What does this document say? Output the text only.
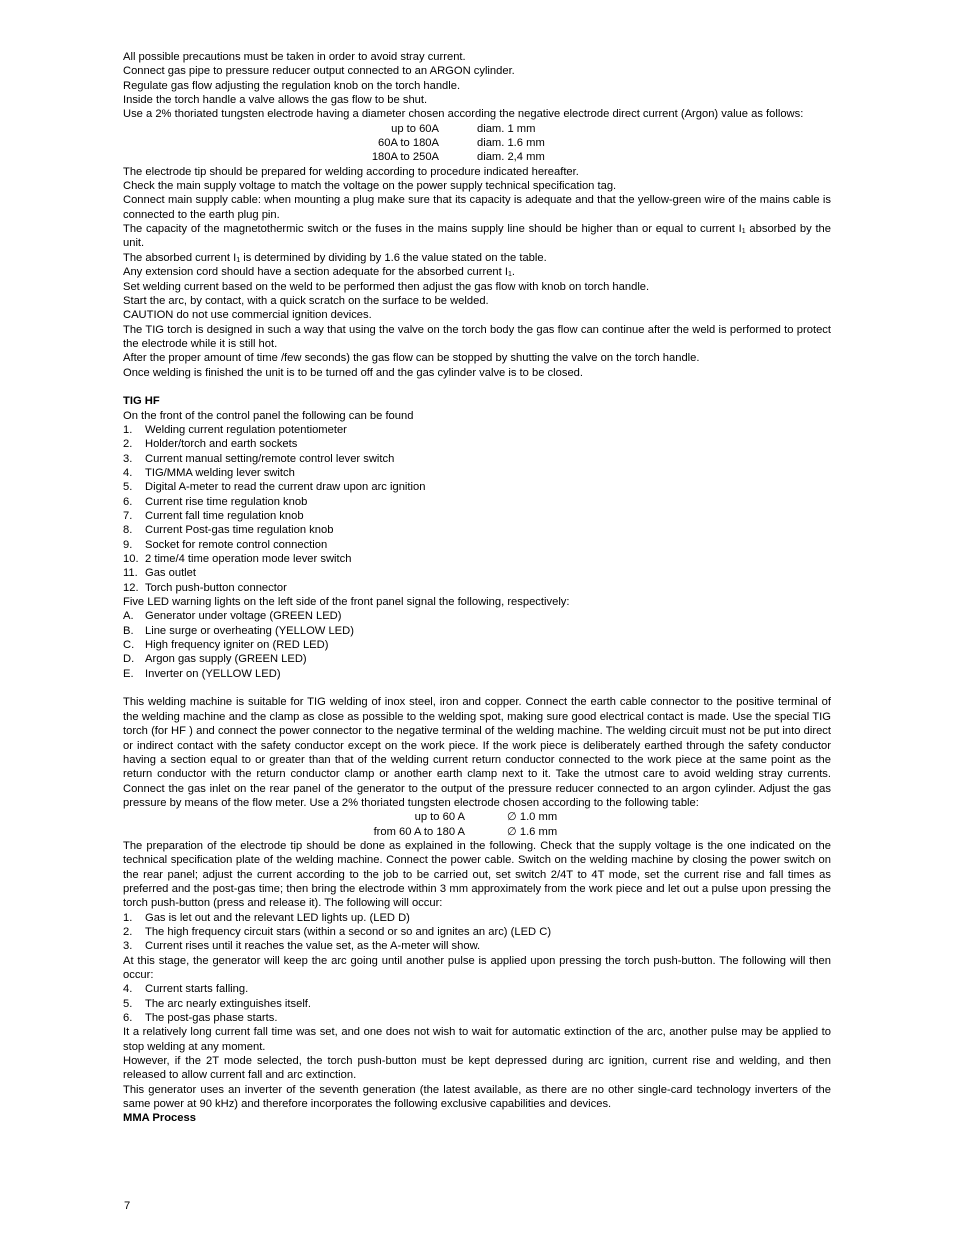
All possible precautions must be taken in order to avoid stray current.

Connect gas pipe to pressure reducer output connected to an ARGON cylinder.

Regulate gas flow adjusting the regulation knob on the torch handle.

Inside the torch handle a valve allows the gas flow to be shut.

Use a 2% thoriated tungsten electrode having a diameter chosen according the negative electrode direct current (Argon) value as follows:

up to 60A	diam. 1 mm
60A to 180A	diam. 1.6 mm
180A to 250A	diam. 2,4 mm

The electrode tip should be prepared for welding according to procedure indicated hereafter.

Check the main supply voltage to match the voltage on the power supply technical specification tag.

Connect main supply cable: when mounting a plug make sure that its capacity is adequate and that the yellow-green wire of the mains cable is connected to the earth plug pin.

The capacity of the magnetothermic switch or the fuses in the mains supply line should be higher than or equal to current $I_1$ absorbed by the unit.

The absorbed current $I_1$ is determined by dividing by 1.6 the value stated on the table.

Any extension cord should have a section adequate for the absorbed current $I_1$.

Set welding current based on the weld to be performed then adjust the gas flow with knob on torch handle.

Start the arc, by contact, with a quick scratch on the surface to be welded.

CAUTION do not use commercial ignition devices.

The TIG torch is designed in such a way that using the valve on the torch body the gas flow can continue after the weld is performed to protect the electrode while it is still hot.

After the proper amount of time /few seconds) the gas flow can be stopped by shutting the valve on the torch handle.

Once welding is finished the unit is to be turned off and the gas cylinder valve is to be closed.

TIG HF

On the front of the control panel the following can be found

1.	Welding current regulation potentiometer
2.	Holder/torch and earth sockets
3.	Current manual setting/remote control lever switch
4.	TIG/MMA welding lever switch
5.	Digital A-meter to read the current draw upon arc ignition
6.	Current rise time regulation knob
7.	Current fall time regulation knob
8.	Current Post-gas time regulation knob
9.	Socket for remote control connection
10. 2 time/4 time operation mode lever switch
11. Gas outlet
12. Torch push-button connector

Five LED warning lights on the left side of the front panel signal the following, respectively:

A.	Generator under voltage (GREEN LED)
B.	Line surge or overheating (YELLOW LED)
C. High frequency igniter on (RED LED)
D. Argon gas supply (GREEN LED)
E.	Inverter on (YELLOW LED)

This welding machine is suitable for TIG welding of inox steel, iron and copper. Connect the earth cable connector to the positive terminal of the welding machine and the clamp as close as possible to the welding spot, making sure good electrical contact is made. Use the special TIG torch (for HF ) and connect the power connector to the negative terminal of the welding machine. The welding circuit must not be put into direct or indirect contact with the safety conductor except on the work piece. If the work piece is deliberately earthed through the safety conductor having a section equal to or greater than that of the welding current return conductor connected to the work piece at the same point as the return conductor with the return conductor clamp or another earth clamp next to it. Take the utmost care to avoid welding stray currents. Connect the gas inlet on the rear panel of the generator to the output of the pressure reducer connected to an argon cylinder. Adjust the gas pressure by means of the flow meter. Use a 2% thoriated tungsten electrode chosen according to the following table:

up to 60 A	∅ 1.0 mm
from 60 A to 180 A	∅ 1.6 mm

The preparation of the electrode tip should be done as explained in the following. Check that the supply voltage is the one indicated on the technical specification plate of the welding machine. Connect the power cable. Switch on the welding machine by closing the power switch on the rear panel; adjust the current according to the job to be carried out, set switch 2/4T to 4T mode, set the current rise and fall times as preferred and the post-gas time; then bring the electrode within 3 mm approximately from the work piece and let out a pulse upon pressing the torch push-button (press and release it). The following will occur:

1.	Gas is let out and the relevant LED lights up. (LED D)
2.	The high frequency circuit stars (within a second or so and ignites an arc) (LED C)
3.	Current rises until it reaches the value set, as the A-meter will show.

At this stage, the generator will keep the arc going until another pulse is applied upon pressing the torch push-button. The following will then occur:

4.	Current starts falling.
5.	The arc nearly extinguishes itself.
6.	The post-gas phase starts.

It a relatively long current fall time was set, and one does not wish to wait for automatic extinction of the arc, another pulse may be applied to stop welding at any moment.

However, if the 2T mode selected, the torch push-button must be kept depressed during arc ignition, current rise and welding, and then released to allow current fall and arc extinction.

This generator uses an inverter of the seventh generation (the latest available, as there are no other single-card technology inverters of the same power at 90 kHz) and therefore incorporates the following exclusive capabilities and devices.

MMA Process

7
